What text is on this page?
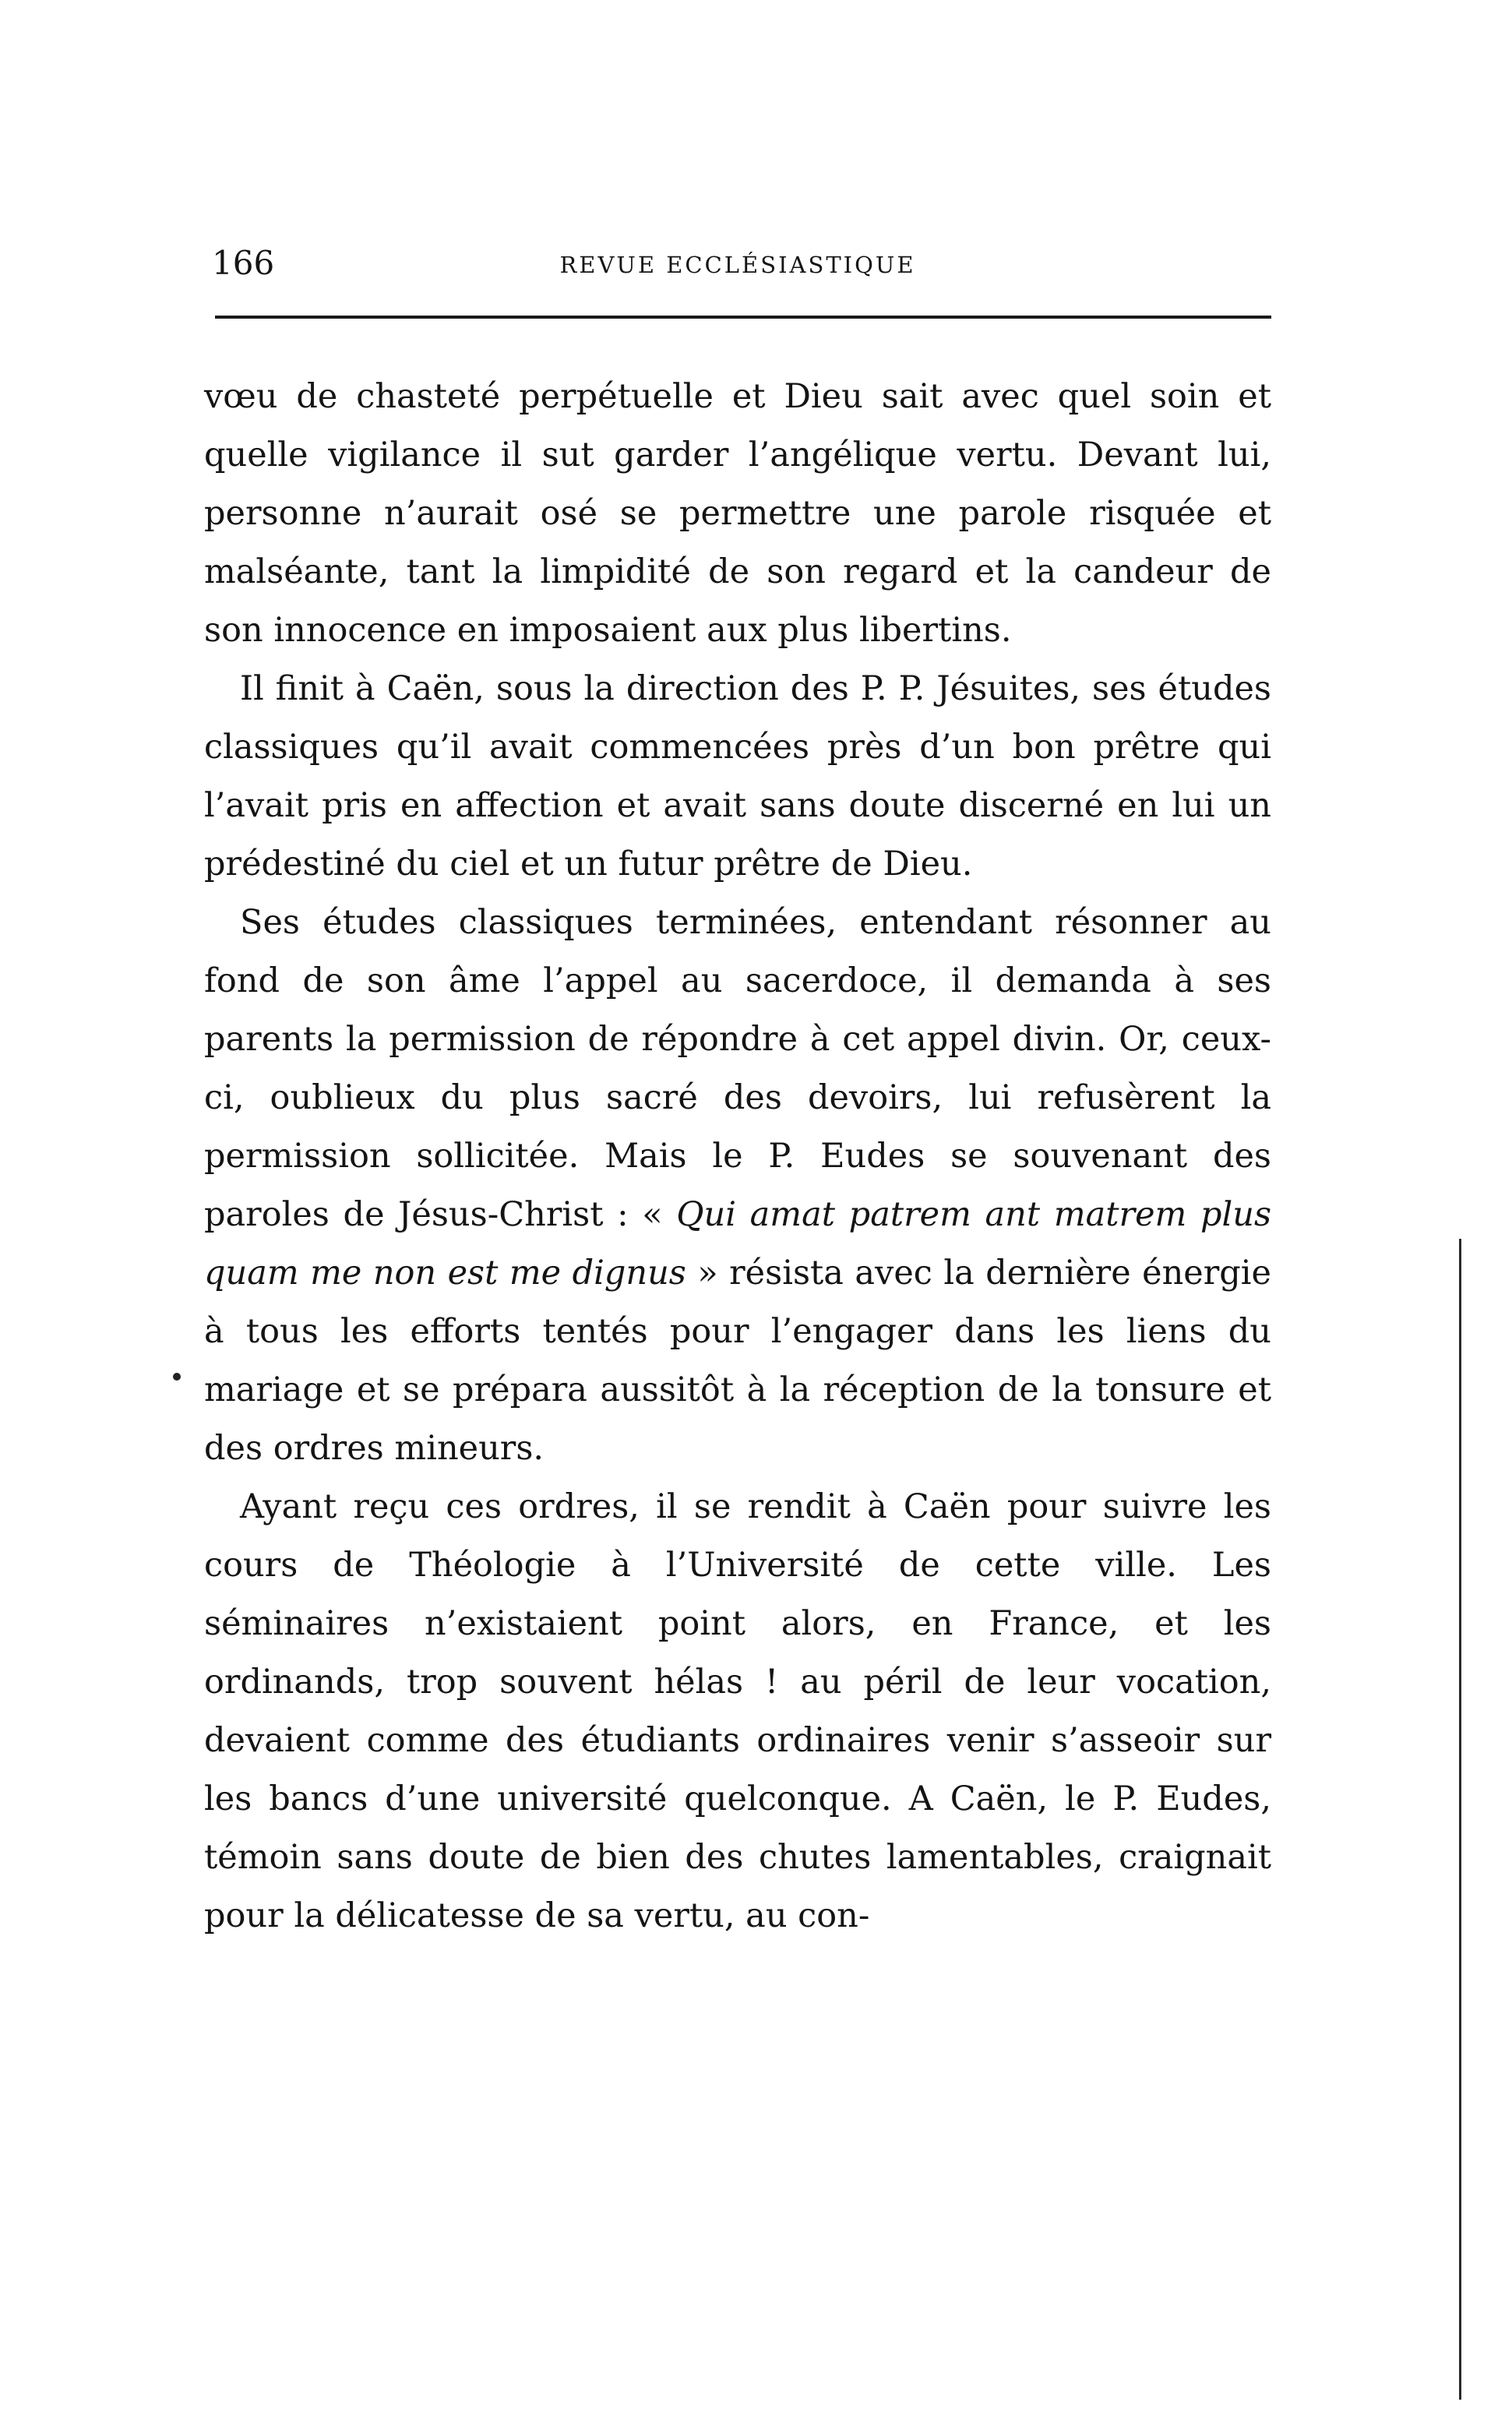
166	REVUE ECCLÉSIASTIQUE

vœu de chasteté perpétuelle et Dieu sait avec quel soin et quelle vigilance il sut garder l’angélique vertu. Devant lui, personne n’aurait osé se permettre une parole risquée et malséante, tant la limpidité de son regard et la candeur de son innocence en imposaient aux plus libertins.

Il finit à Caën, sous la direction des P. P. Jésuites, ses études classiques qu’il avait commencées près d’un bon prêtre qui l’avait pris en affection et avait sans doute discerné en lui un prédestiné du ciel et un futur prêtre de Dieu.

Ses études classiques terminées, entendant résonner au fond de son âme l’appel au sacerdoce, il demanda à ses parents la permission de répondre à cet appel divin. Or, ceux-ci, oublieux du plus sacré des devoirs, lui refusèrent la permission sollicitée. Mais le P. Eudes se souvenant des paroles de Jésus-Christ : « Qui amat patrem ant matrem plus quam me non est me dignus » résista avec la dernière énergie à tous les efforts tentés pour l’engager dans les liens du mariage et se prépara aussitôt à la réception de la tonsure et des ordres mineurs.

Ayant reçu ces ordres, il se rendit à Caën pour suivre les cours de Théologie à l’Université de cette ville. Les séminaires n’existaient point alors, en France, et les ordinands, trop souvent hélas ! au péril de leur vocation, devaient comme des étudiants ordinaires venir s’asseoir sur les bancs d’une université quelconque. A Caën, le P. Eudes, témoin sans doute de bien des chutes lamentables, craignait pour la délicatesse de sa vertu, au con-
